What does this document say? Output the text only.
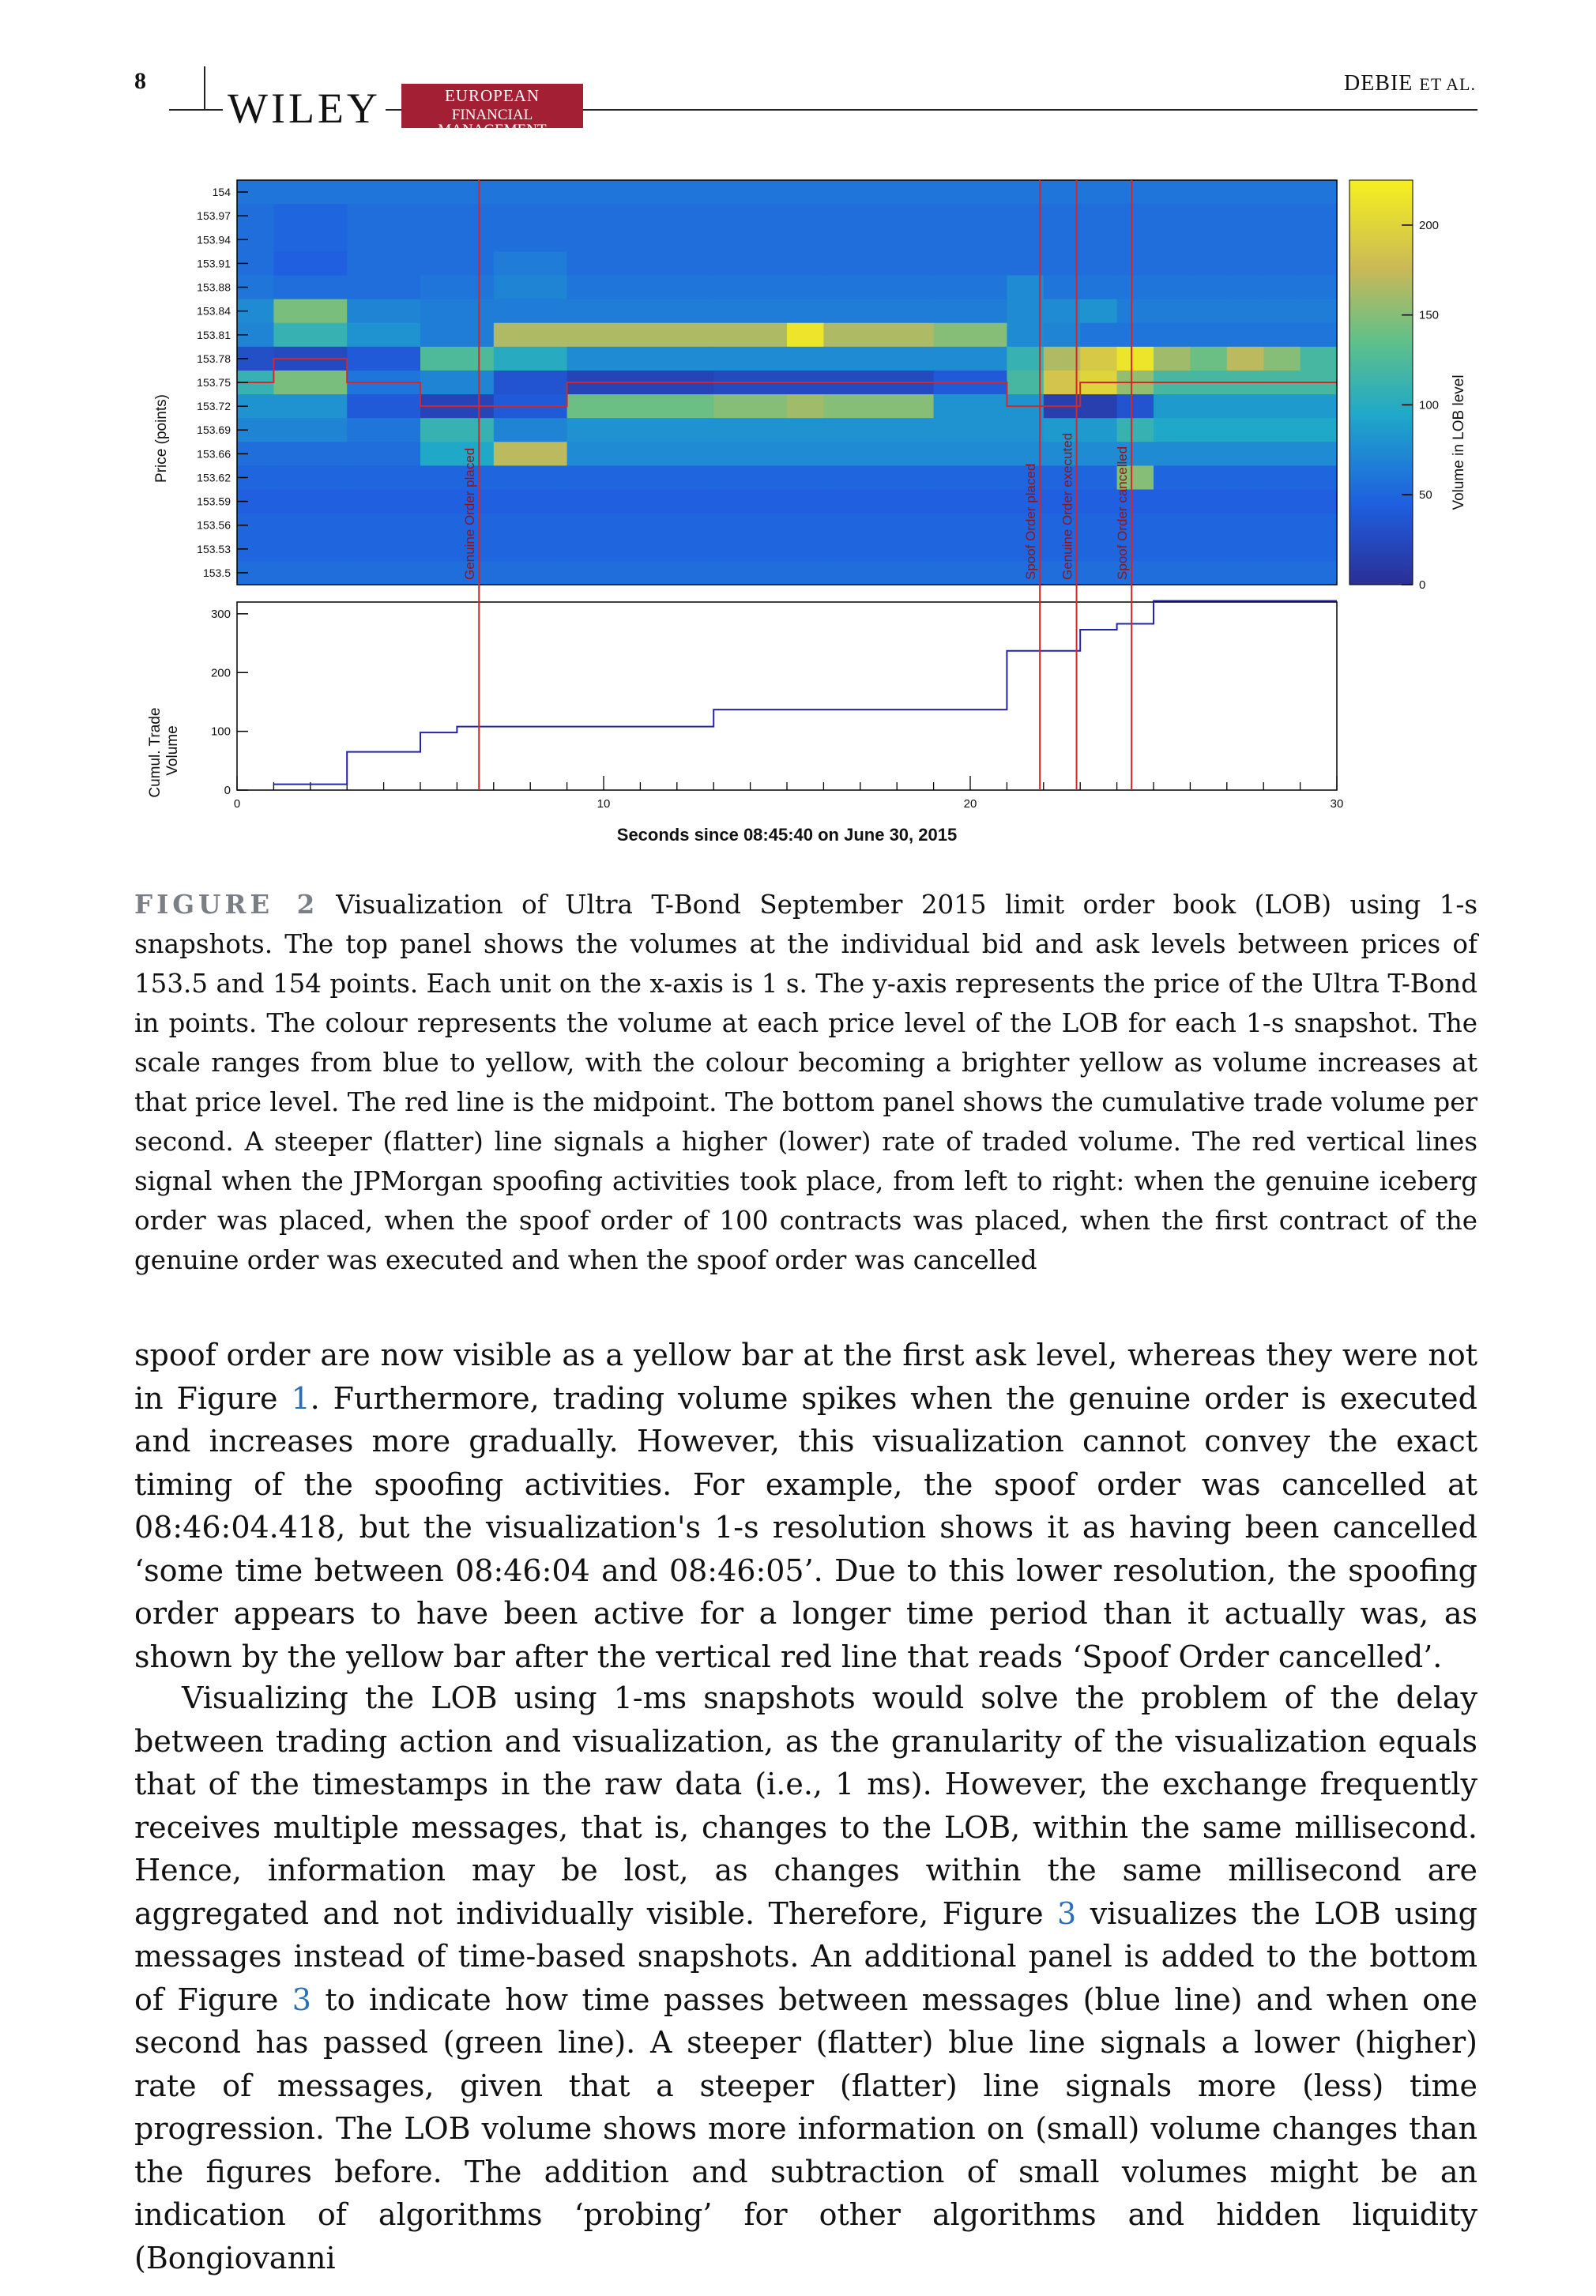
8
WILEY	EUROPEAN
FINANCIAL MANAGEMENT
DEBIE ET AL.
154
153.97
153.94
153.91
153.88
153.84
153.81
153.78
153.75
153.72
153.69
153.66
153.62
153.59
153.56
153.53
153.5
0
50
100
150
200
0
100
200
300
0	10	20	30
Genuine Order placed	Spoof Order placed Genuine Order executed	Spoof Order cancelled
Seconds since 08:45:40 on June 30, 2015
Price (points)	Volume in LOB level
Cumul. Trade Volume
FIGURE 2 Visualization of Ultra T-Bond September 2015 limit order book (LOB) using 1-s snapshots. The top panel shows the volumes at the individual bid and ask levels between prices of 153.5 and 154 points. Each unit on the x-axis is 1 s. The y-axis represents the price of the Ultra T-Bond in points. The colour represents the volume at each price level of the LOB for each 1-s snapshot. The scale ranges from blue to yellow, with the colour becoming a brighter yellow as volume increases at that price level. The red line is the midpoint. The bottom panel shows the cumulative trade volume per second. A steeper (flatter) line signals a higher (lower) rate of traded volume. The red vertical lines signal when the JPMorgan spoofing activities took place, from left to right: when the genuine iceberg order was placed, when the spoof order of 100 contracts was placed, when the first contract of the genuine order was executed and when the spoof order was cancelled
spoof order are now visible as a yellow bar at the first ask level, whereas they were not in Figure 1. Furthermore, trading volume spikes when the genuine order is executed and increases more gradually. However, this visualization cannot convey the exact timing of the spoofing activities. For example, the spoof order was cancelled at 08:46:04.418, but the visualization's 1-s resolution shows it as having been cancelled ‘some time between 08:46:04 and 08:46:05’. Due to this lower resolution, the spoofing order appears to have been active for a longer time period than it actually was, as shown by the yellow bar after the vertical red line that reads ‘Spoof Order cancelled’.
Visualizing the LOB using 1-ms snapshots would solve the problem of the delay between trading action and visualization, as the granularity of the visualization equals that of the timestamps in the raw data (i.e., 1 ms). However, the exchange frequently receives multiple messages, that is, changes to the LOB, within the same millisecond. Hence, information may be lost, as changes within the same millisecond are aggregated and not individually visible. Therefore, Figure 3 visualizes the LOB using messages instead of time-based snapshots. An additional panel is added to the bottom of Figure 3 to indicate how time passes between messages (blue line) and when one second has passed (green line). A steeper (flatter) blue line signals a lower (higher) rate of messages, given that a steeper (flatter) line signals more (less) time progression. The LOB volume shows more information on (small) volume changes than the figures before. The addition and subtraction of small volumes might be an indication of algorithms ‘probing’ for other algorithms and hidden liquidity (Bongiovanni
